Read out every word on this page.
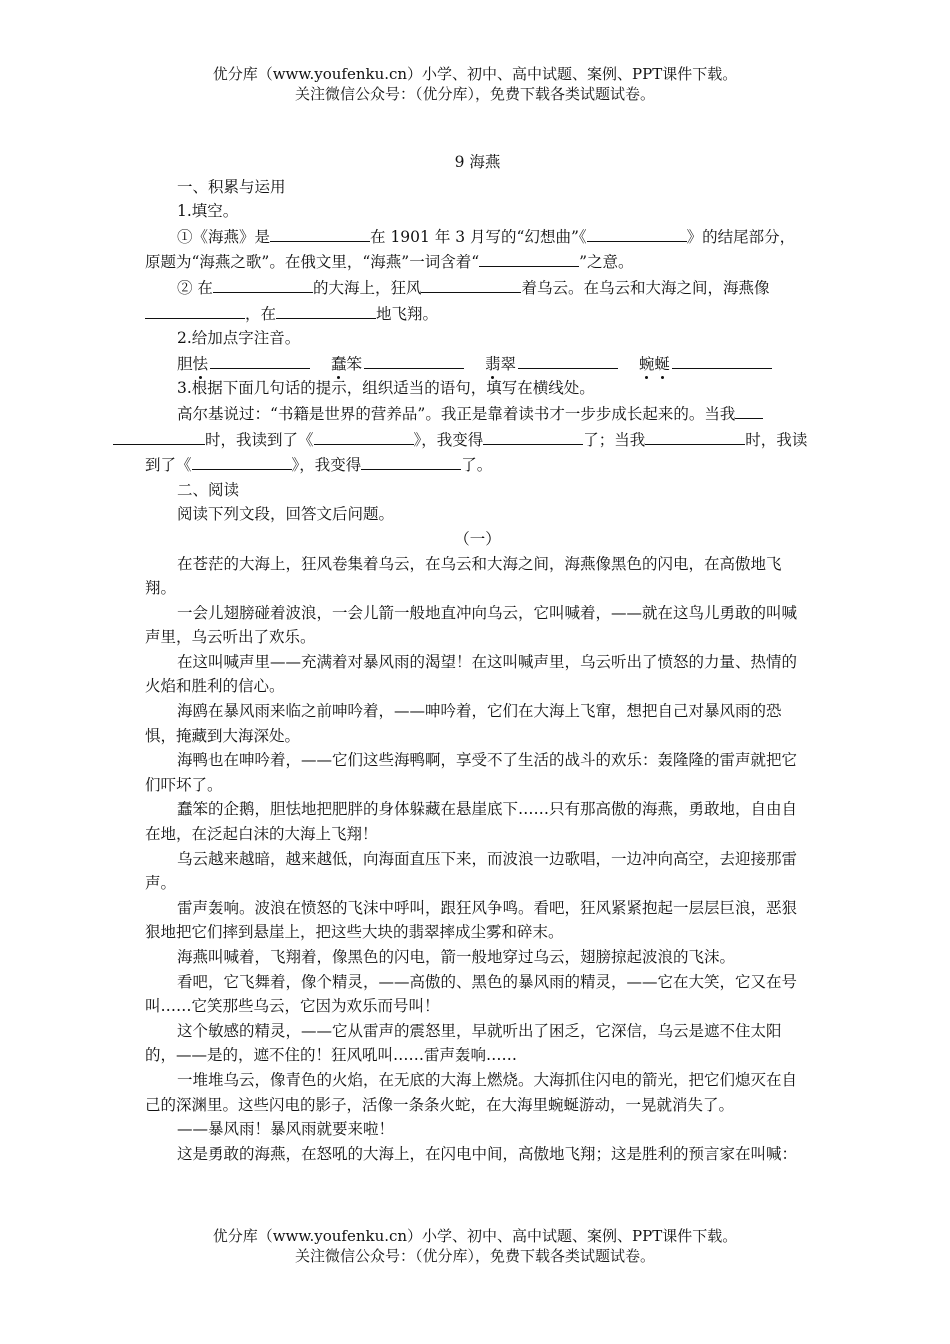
优分库（www.youfenku.cn）小学、初中、高中试题、案例、PPT课件下载。
关注微信公众号：（优分库），免费下载各类试题试卷。

9 海燕

一、积累与运用

1.填空。

①《海燕》是	在 1901 年 3 月写的“幻想曲”《	》的结尾部分，原题为“海燕之歌”。在俄文里，“海燕”一词含着“	”之意。

② 在	的大海上，狂风	着乌云。在乌云和大海之间，海燕像，在	地飞翔。

2.给加点字注音。

胆怯	蠢笨	翡翠	蜿蜒

3.根据下面几句话的提示，组织适当的语句，填写在横线处。

高尔基说过：“书籍是世界的营养品”。我正是靠着读书才一步步成长起来的。当我
时，我读到了《	》，我变得	了；当我	时，我读到了《	》，我变得	了。

二、阅读

阅读下列文段，回答文后问题。

（一）

在苍茫的大海上，狂风卷集着乌云，在乌云和大海之间，海燕像黑色的闪电，在高傲地飞翔。

一会儿翅膀碰着波浪，一会儿箭一般地直冲向乌云，它叫喊着，——就在这鸟儿勇敢的叫喊声里，乌云听出了欢乐。

在这叫喊声里——充满着对暴风雨的渴望！在这叫喊声里，乌云听出了愤怒的力量、热情的火焰和胜利的信心。

海鸥在暴风雨来临之前呻吟着，——呻吟着，它们在大海上飞窜，想把自己对暴风雨的恐惧，掩藏到大海深处。

海鸭也在呻吟着，——它们这些海鸭啊，享受不了生活的战斗的欢乐：轰隆隆的雷声就把它们吓坏了。

蠢笨的企鹅，胆怯地把肥胖的身体躲藏在悬崖底下……只有那高傲的海燕，勇敢地，自由自在地，在泛起白沫的大海上飞翔！

乌云越来越暗，越来越低，向海面直压下来，而波浪一边歌唱，一边冲向高空，去迎接那雷声。

雷声轰响。波浪在愤怒的飞沫中呼叫，跟狂风争鸣。看吧，狂风紧紧抱起一层层巨浪，恶狠狠地把它们摔到悬崖上，把这些大块的翡翠摔成尘雾和碎末。

海燕叫喊着，飞翔着，像黑色的闪电，箭一般地穿过乌云，翅膀掠起波浪的飞沫。

看吧，它飞舞着，像个精灵，——高傲的、黑色的暴风雨的精灵，——它在大笑，它又在号叫……它笑那些乌云，它因为欢乐而号叫！

这个敏感的精灵，——它从雷声的震怒里，早就听出了困乏，它深信，乌云是遮不住太阳的，——是的，遮不住的！狂风吼叫……雷声轰响……

一堆堆乌云，像青色的火焰，在无底的大海上燃烧。大海抓住闪电的箭光，把它们熄灭在自己的深渊里。这些闪电的影子，活像一条条火蛇，在大海里蜿蜒游动，一晃就消失了。

——暴风雨！暴风雨就要来啦！

这是勇敢的海燕，在怒吼的大海上，在闪电中间，高傲地飞翔；这是胜利的预言家在叫喊：

优分库（www.youfenku.cn）小学、初中、高中试题、案例、PPT课件下载。
关注微信公众号：（优分库），免费下载各类试题试卷。
